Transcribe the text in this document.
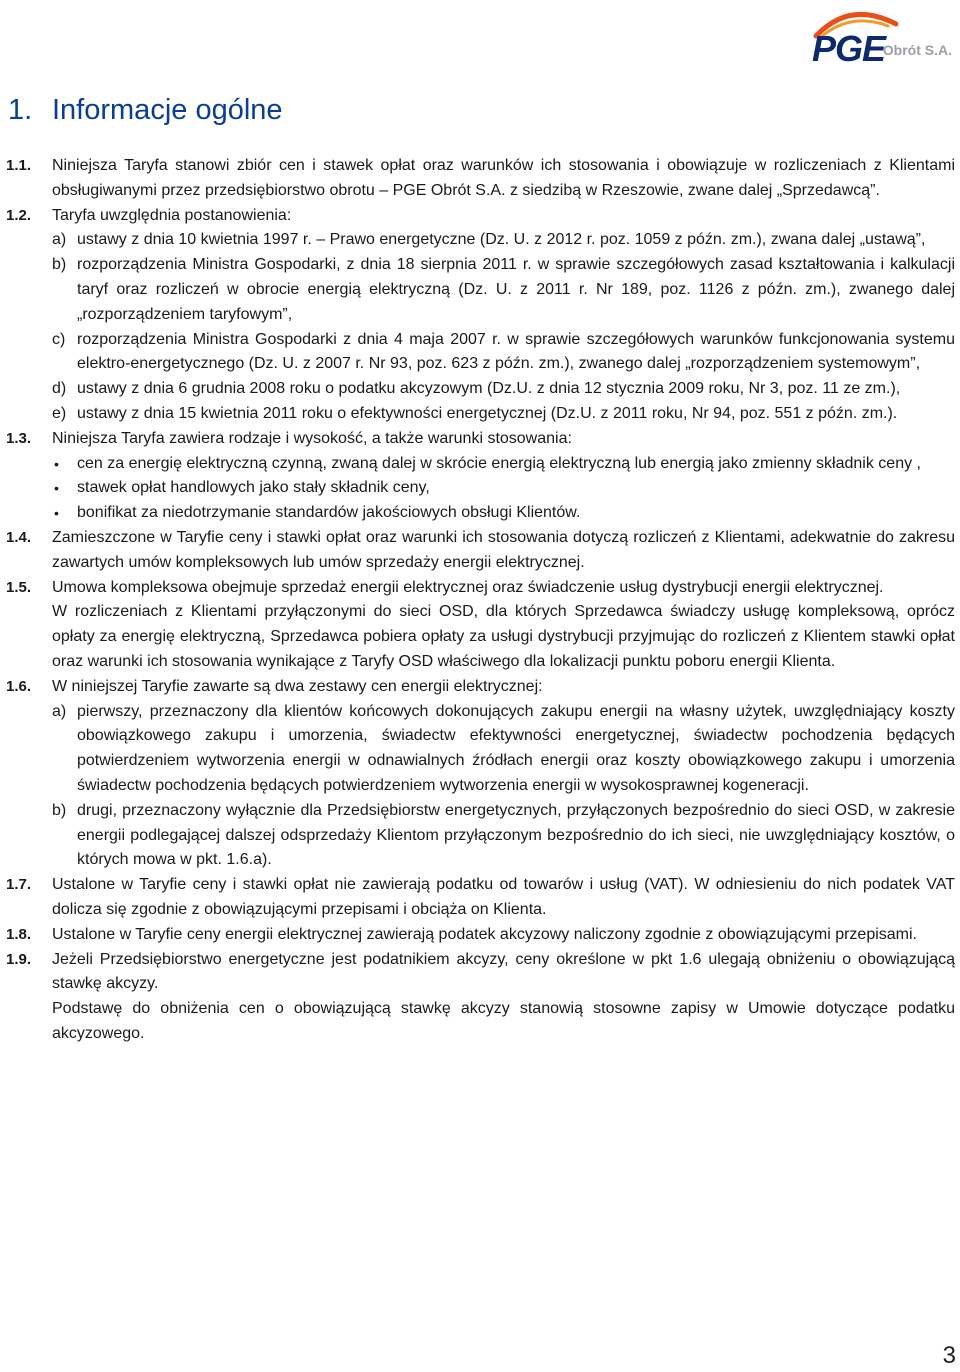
PGE
Obrót S.A.
1. Informacje ogólne
1.1. Niniejsza Taryfa stanowi zbiór cen i stawek opłat oraz warunków ich stosowania i obowiązuje w rozliczeniach z Klientami obsługiwanymi przez przedsiębiorstwo obrotu – PGE Obrót S.A. z siedzibą w Rzeszowie, zwane dalej „Sprzedawcą”.
1.2. Taryfa uwzględnia postanowienia:
a) ustawy z dnia 10 kwietnia 1997 r. – Prawo energetyczne (Dz. U. z 2012 r. poz. 1059 z późn. zm.), zwana dalej „ustawą”,
b) rozporządzenia Ministra Gospodarki, z dnia 18 sierpnia 2011 r. w sprawie szczegółowych zasad kształtowania i kalkulacji taryf oraz rozliczeń w obrocie energią elektryczną (Dz. U. z 2011 r. Nr 189, poz. 1126 z późn. zm.), zwanego dalej „rozporządzeniem taryfowym”,
c) rozporządzenia Ministra Gospodarki z dnia 4 maja 2007 r. w sprawie szczegółowych warunków funkcjonowania systemu elektro-energetycznego (Dz. U. z 2007 r. Nr 93, poz. 623 z późn. zm.), zwanego dalej „rozporządzeniem systemowym”,
d) ustawy z dnia 6 grudnia 2008 roku o podatku akcyzowym (Dz.U. z dnia 12 stycznia 2009 roku, Nr 3, poz. 11 ze zm.),
e) ustawy z dnia 15 kwietnia 2011 roku o efektywności energetycznej (Dz.U. z 2011 roku, Nr 94, poz. 551 z późn. zm.).
1.3. Niniejsza Taryfa zawiera rodzaje i wysokość, a także warunki stosowania:
• cen za energię elektryczną czynną, zwaną dalej w skrócie energią elektryczną lub energią jako zmienny składnik ceny ,
• stawek opłat handlowych jako stały składnik ceny,
• bonifikat za niedotrzymanie standardów jakościowych obsługi Klientów.
1.4. Zamieszczone w Taryfie ceny i stawki opłat oraz warunki ich stosowania dotyczą rozliczeń z Klientami, adekwatnie do zakresu zawartych umów kompleksowych lub umów sprzedaży energii elektrycznej.
1.5. Umowa kompleksowa obejmuje sprzedaż energii elektrycznej oraz świadczenie usług dystrybucji energii elektrycznej.
W rozliczeniach z Klientami przyłączonymi do sieci OSD, dla których Sprzedawca świadczy usługę kompleksową, oprócz opłaty za energię elektryczną, Sprzedawca pobiera opłaty za usługi dystrybucji przyjmując do rozliczeń z Klientem stawki opłat oraz warunki ich stosowania wynikające z Taryfy OSD właściwego dla lokalizacji punktu poboru energii Klienta.
1.6. W niniejszej Taryfie zawarte są dwa zestawy cen energii elektrycznej:
a) pierwszy, przeznaczony dla klientów końcowych dokonujących zakupu energii na własny użytek, uwzględniający koszty obowiązkowego zakupu i umorzenia, świadectw efektywności energetycznej, świadectw pochodzenia będących potwierdzeniem wytworzenia energii w odnawialnych źródłach energii oraz koszty obowiązkowego zakupu i umorzenia świadectw pochodzenia będących potwierdzeniem wytworzenia energii w wysokosprawnej kogeneracji.
b) drugi, przeznaczony wyłącznie dla Przedsiębiorstw energetycznych, przyłączonych bezpośrednio do sieci OSD, w zakresie energii podlegającej dalszej odsprzedaży Klientom przyłączonym bezpośrednio do ich sieci, nie uwzględniający kosztów, o których mowa w pkt. 1.6.a).
1.7. Ustalone w Taryfie ceny i stawki opłat nie zawierają podatku od towarów i usług (VAT). W odniesieniu do nich podatek VAT dolicza się zgodnie z obowiązującymi przepisami i obciąża on Klienta.
1.8. Ustalone w Taryfie ceny energii elektrycznej zawierają podatek akcyzowy naliczony zgodnie z obowiązującymi przepisami.
1.9. Jeżeli Przedsiębiorstwo energetyczne jest podatnikiem akcyzy, ceny określone w pkt 1.6 ulegają obniżeniu o obowiązującą stawkę akcyzy.
Podstawę do obniżenia cen o obowiązującą stawkę akcyzy stanowią stosowne zapisy w Umowie dotyczące podatku akcyzowego.
3
